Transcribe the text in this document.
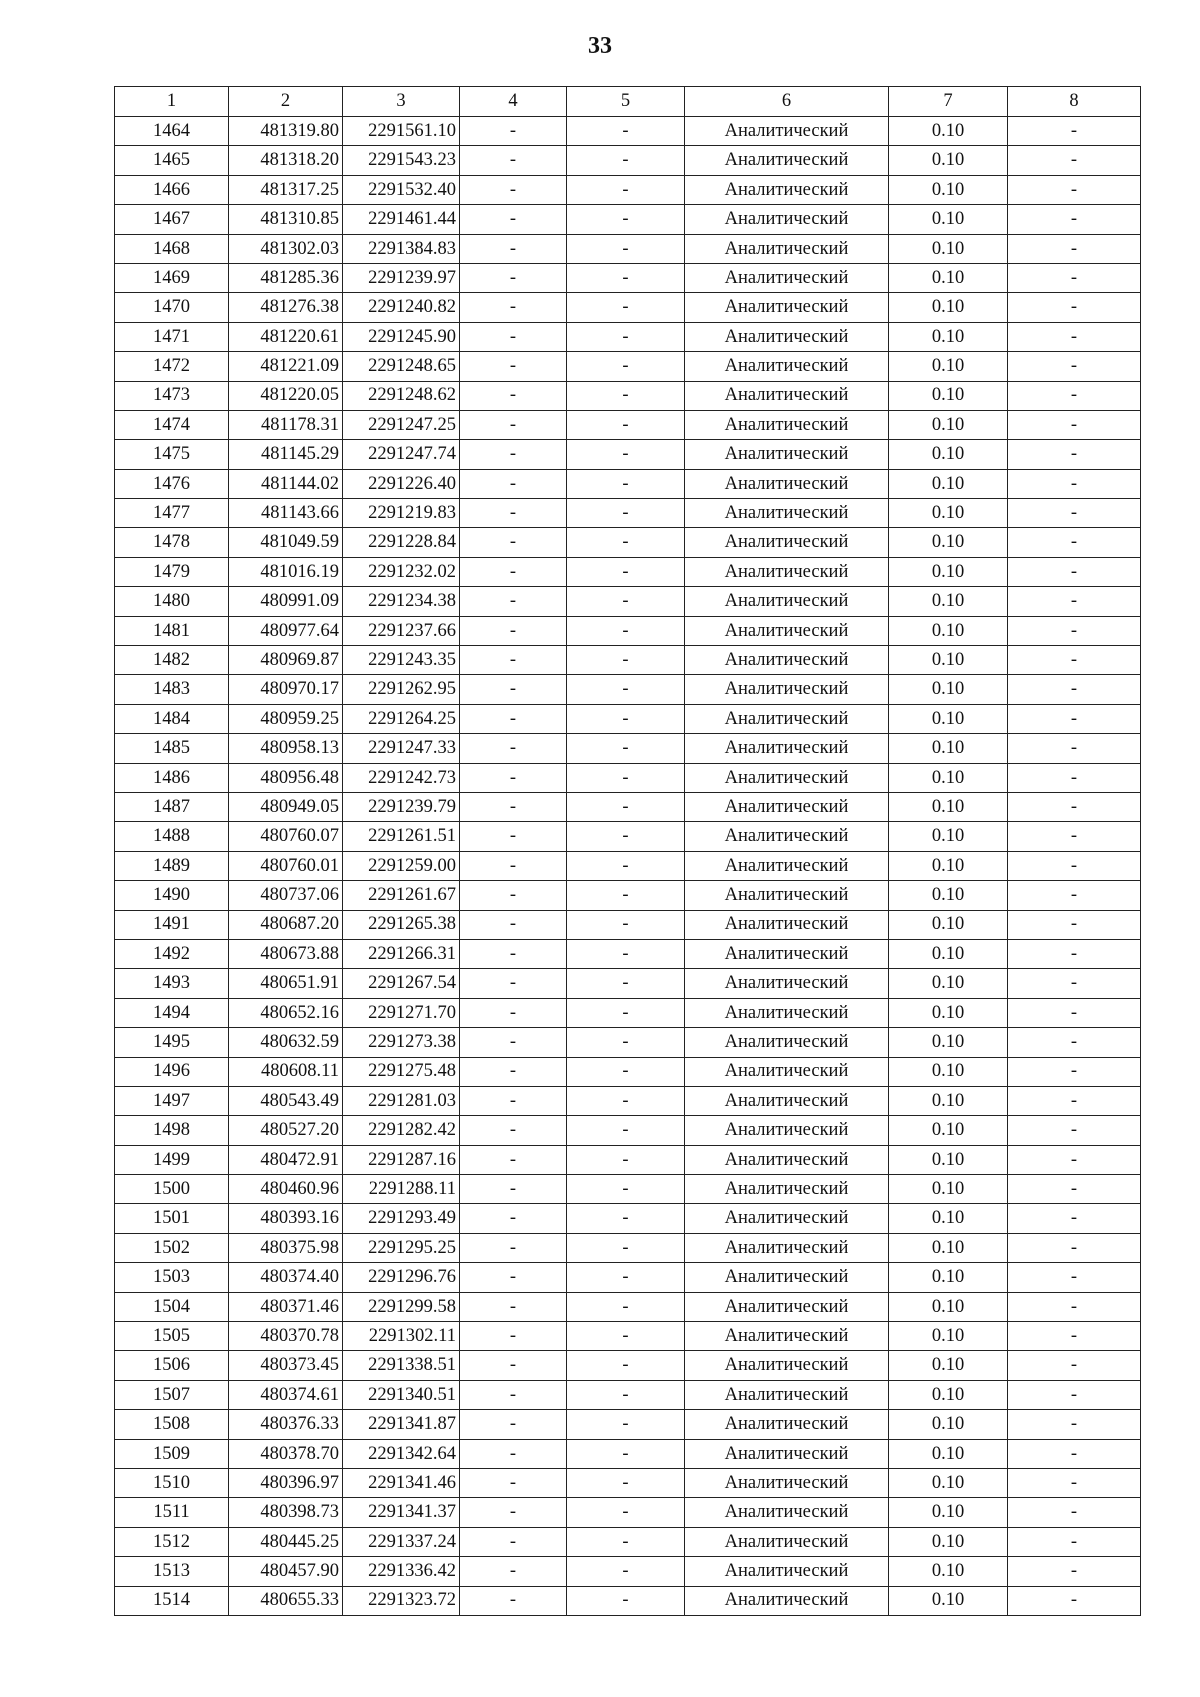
33
1	2	3	4	5	6	7	8
1464	481319.80	2291561.10	-	-	Аналитический	0.10	-
1465	481318.20	2291543.23	-	-	Аналитический	0.10	-
1466	481317.25	2291532.40	-	-	Аналитический	0.10	-
1467	481310.85	2291461.44	-	-	Аналитический	0.10	-
1468	481302.03	2291384.83	-	-	Аналитический	0.10	-
1469	481285.36	2291239.97	-	-	Аналитический	0.10	-
1470	481276.38	2291240.82	-	-	Аналитический	0.10	-
1471	481220.61	2291245.90	-	-	Аналитический	0.10	-
1472	481221.09	2291248.65	-	-	Аналитический	0.10	-
1473	481220.05	2291248.62	-	-	Аналитический	0.10	-
1474	481178.31	2291247.25	-	-	Аналитический	0.10	-
1475	481145.29	2291247.74	-	-	Аналитический	0.10	-
1476	481144.02	2291226.40	-	-	Аналитический	0.10	-
1477	481143.66	2291219.83	-	-	Аналитический	0.10	-
1478	481049.59	2291228.84	-	-	Аналитический	0.10	-
1479	481016.19	2291232.02	-	-	Аналитический	0.10	-
1480	480991.09	2291234.38	-	-	Аналитический	0.10	-
1481	480977.64	2291237.66	-	-	Аналитический	0.10	-
1482	480969.87	2291243.35	-	-	Аналитический	0.10	-
1483	480970.17	2291262.95	-	-	Аналитический	0.10	-
1484	480959.25	2291264.25	-	-	Аналитический	0.10	-
1485	480958.13	2291247.33	-	-	Аналитический	0.10	-
1486	480956.48	2291242.73	-	-	Аналитический	0.10	-
1487	480949.05	2291239.79	-	-	Аналитический	0.10	-
1488	480760.07	2291261.51	-	-	Аналитический	0.10	-
1489	480760.01	2291259.00	-	-	Аналитический	0.10	-
1490	480737.06	2291261.67	-	-	Аналитический	0.10	-
1491	480687.20	2291265.38	-	-	Аналитический	0.10	-
1492	480673.88	2291266.31	-	-	Аналитический	0.10	-
1493	480651.91	2291267.54	-	-	Аналитический	0.10	-
1494	480652.16	2291271.70	-	-	Аналитический	0.10	-
1495	480632.59	2291273.38	-	-	Аналитический	0.10	-
1496	480608.11	2291275.48	-	-	Аналитический	0.10	-
1497	480543.49	2291281.03	-	-	Аналитический	0.10	-
1498	480527.20	2291282.42	-	-	Аналитический	0.10	-
1499	480472.91	2291287.16	-	-	Аналитический	0.10	-
1500	480460.96	2291288.11	-	-	Аналитический	0.10	-
1501	480393.16	2291293.49	-	-	Аналитический	0.10	-
1502	480375.98	2291295.25	-	-	Аналитический	0.10	-
1503	480374.40	2291296.76	-	-	Аналитический	0.10	-
1504	480371.46	2291299.58	-	-	Аналитический	0.10	-
1505	480370.78	2291302.11	-	-	Аналитический	0.10	-
1506	480373.45	2291338.51	-	-	Аналитический	0.10	-
1507	480374.61	2291340.51	-	-	Аналитический	0.10	-
1508	480376.33	2291341.87	-	-	Аналитический	0.10	-
1509	480378.70	2291342.64	-	-	Аналитический	0.10	-
1510	480396.97	2291341.46	-	-	Аналитический	0.10	-
1511	480398.73	2291341.37	-	-	Аналитический	0.10	-
1512	480445.25	2291337.24	-	-	Аналитический	0.10	-
1513	480457.90	2291336.42	-	-	Аналитический	0.10	-
1514	480655.33	2291323.72	-	-	Аналитический	0.10	-
